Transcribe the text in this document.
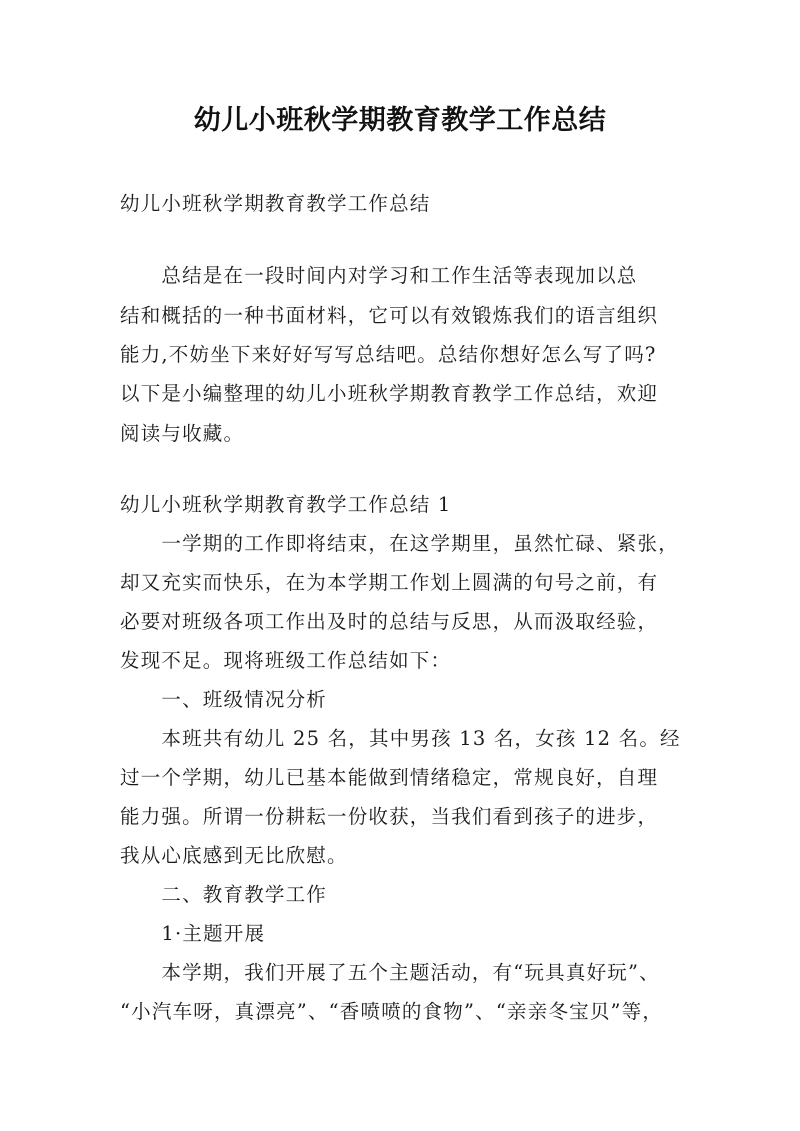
幼儿小班秋学期教育教学工作总结
幼儿小班秋学期教育教学工作总结
　　总结是在一段时间内对学习和工作生活等表现加以总
结和概括的一种书面材料，它可以有效锻炼我们的语言组织
能力,不妨坐下来好好写写总结吧。总结你想好怎么写了吗?
以下是小编整理的幼儿小班秋学期教育教学工作总结，欢迎
阅读与收藏。
幼儿小班秋学期教育教学工作总结 1
　　一学期的工作即将结束，在这学期里，虽然忙碌、紧张，
却又充实而快乐，在为本学期工作划上圆满的句号之前，有
必要对班级各项工作出及时的总结与反思，从而汲取经验，
发现不足。现将班级工作总结如下：
　　一、班级情况分析
　　本班共有幼儿 25 名，其中男孩 13 名，女孩 12 名。经
过一个学期，幼儿已基本能做到情绪稳定，常规良好，自理
能力强。所谓一份耕耘一份收获，当我们看到孩子的进步，
我从心底感到无比欣慰。
　　二、教育教学工作
　　1·主题开展
　　本学期，我们开展了五个主题活动，有“玩具真好玩”、
“小汽车呀，真漂亮”、“香喷喷的食物”、“亲亲冬宝贝”等，
